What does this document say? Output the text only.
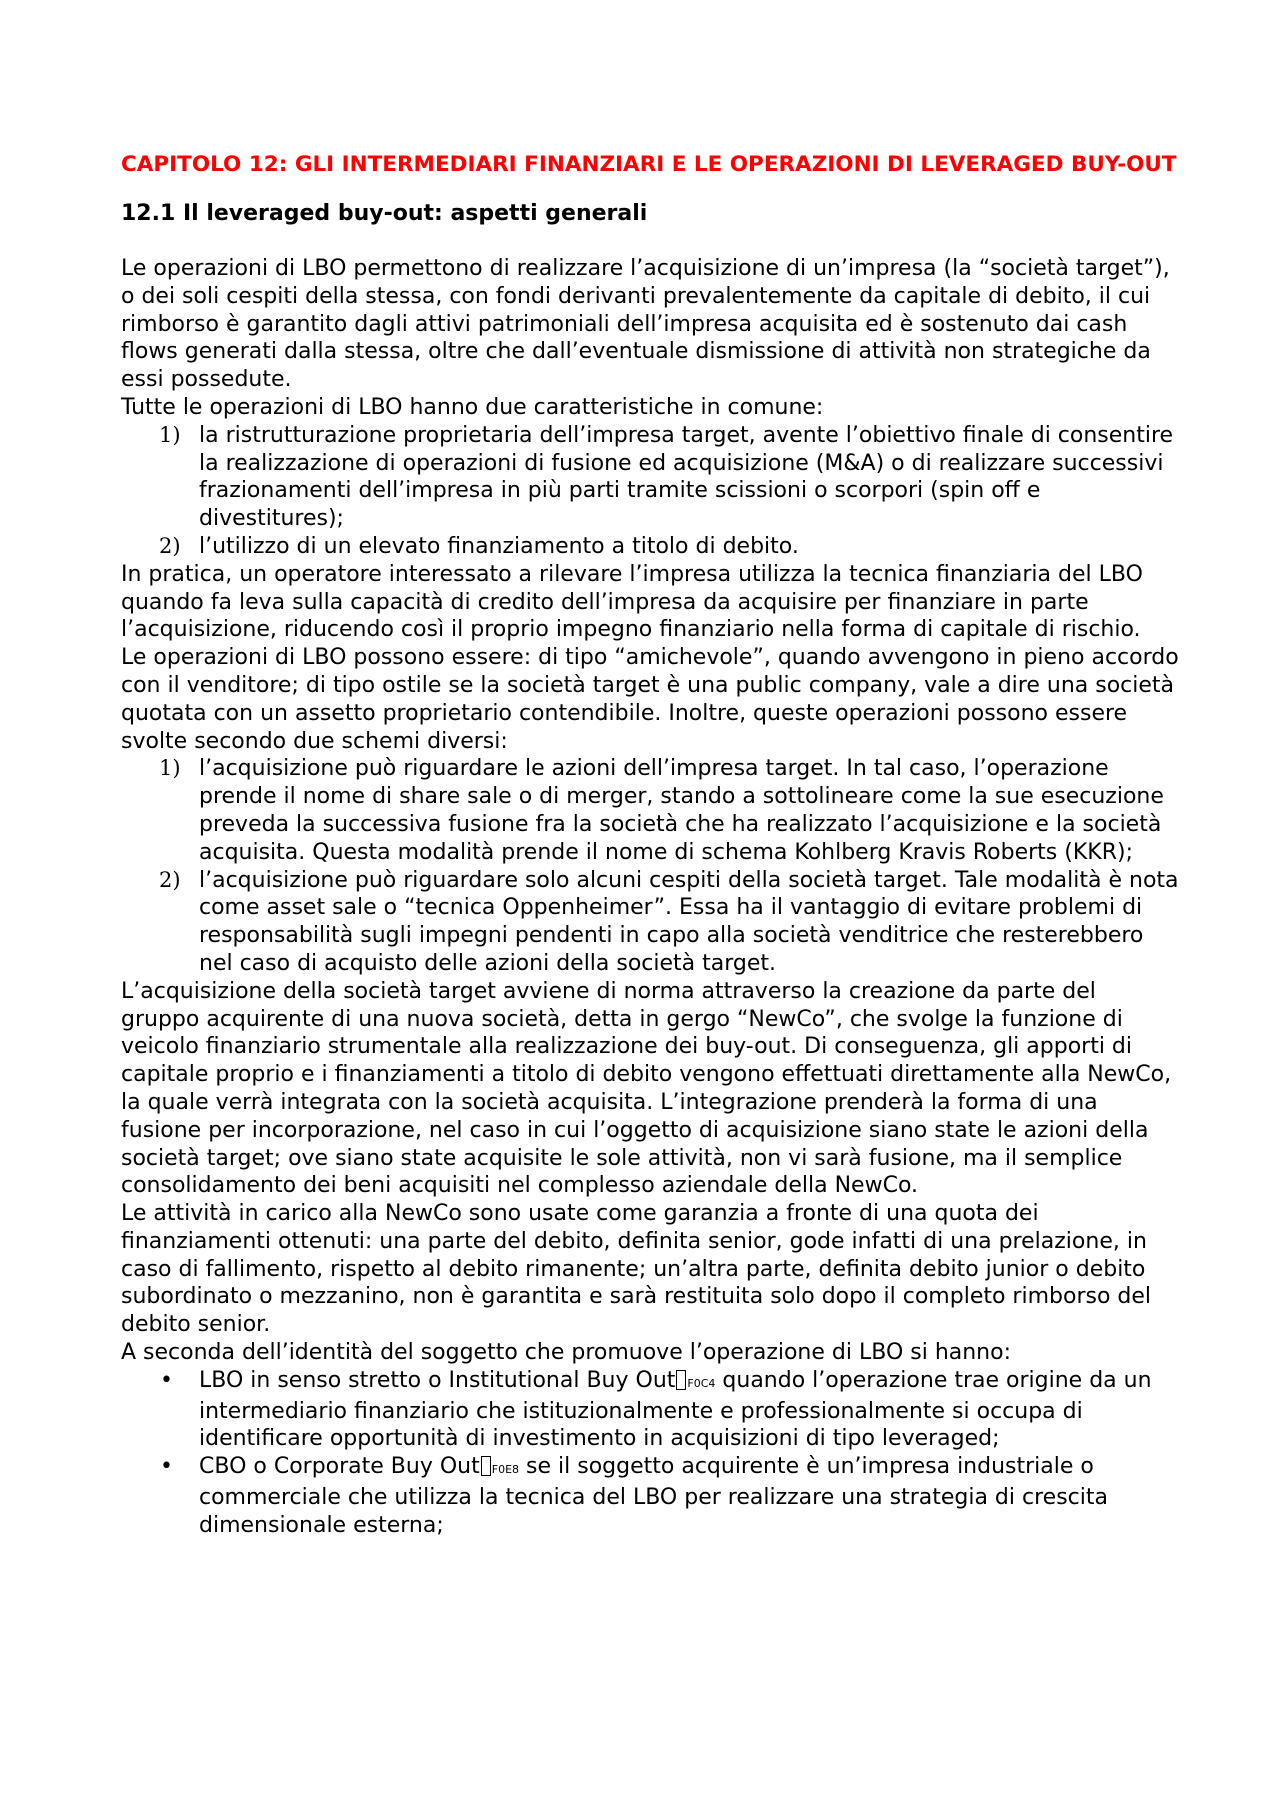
CAPITOLO 12: GLI INTERMEDIARI FINANZIARI E LE OPERAZIONI DI LEVERAGED BUY-OUT
12.1 Il leveraged buy-out: aspetti generali

Le operazioni di LBO permettono di realizzare l’acquisizione di un’impresa (la “società target”), o dei soli cespiti della stessa, con fondi derivanti prevalentemente da capitale di debito, il cui rimborso è garantito dagli attivi patrimoniali dell’impresa acquisita ed è sostenuto dai cash flows generati dalla stessa, oltre che dall’eventuale dismissione di attività non strategiche da essi possedute.

Tutte le operazioni di LBO hanno due caratteristiche in comune:

1) la ristrutturazione proprietaria dell’impresa target, avente l’obiettivo finale di consentire la realizzazione di operazioni di fusione ed acquisizione (M&A) o di realizzare successivi frazionamenti dell’impresa in più parti tramite scissioni o scorpori (spin off e divestitures);
2) l’utilizzo di un elevato finanziamento a titolo di debito.

In pratica, un operatore interessato a rilevare l’impresa utilizza la tecnica finanziaria del LBO quando fa leva sulla capacità di credito dell’impresa da acquisire per finanziare in parte l’acquisizione, riducendo così il proprio impegno finanziario nella forma di capitale di rischio.

Le operazioni di LBO possono essere: di tipo “amichevole”, quando avvengono in pieno accordo con il venditore; di tipo ostile se la società target è una public company, vale a dire una società quotata con un assetto proprietario contendibile. Inoltre, queste operazioni possono essere svolte secondo due schemi diversi:

1) l’acquisizione può riguardare le azioni dell’impresa target. In tal caso, l’operazione prende il nome di share sale o di merger, stando a sottolineare come la sue esecuzione preveda la successiva fusione fra la società che ha realizzato l’acquisizione e la società acquisita. Questa modalità prende il nome di schema Kohlberg Kravis Roberts (KKR);
2) l’acquisizione può riguardare solo alcuni cespiti della società target. Tale modalità è nota come asset sale o “tecnica Oppenheimer”. Essa ha il vantaggio di evitare problemi di responsabilità sugli impegni pendenti in capo alla società venditrice che resterebbero nel caso di acquisto delle azioni della società target.

L’acquisizione della società target avviene di norma attraverso la creazione da parte del gruppo acquirente di una nuova società, detta in gergo “NewCo”, che svolge la funzione di veicolo finanziario strumentale alla realizzazione dei buy-out. Di conseguenza, gli apporti di capitale proprio e i finanziamenti a titolo di debito vengono effettuati direttamente alla NewCo, la quale verrà integrata con la società acquisita. L’integrazione prenderà la forma di una fusione per incorporazione, nel caso in cui l’oggetto di acquisizione siano state le azioni della società target; ove siano state acquisite le sole attività, non vi sarà fusione, ma il semplice consolidamento dei beni acquisiti nel complesso aziendale della NewCo.

Le attività in carico alla NewCo sono usate come garanzia a fronte di una quota dei finanziamenti ottenuti: una parte del debito, definita senior, gode infatti di una prelazione, in caso di fallimento, rispetto al debito rimanente; un’altra parte, definita debito junior o debito subordinato o mezzanino, non è garantita e sarà restituita solo dopo il completo rimborso del debito senior.

A seconda dell’identità del soggetto che promuove l’operazione di LBO si hanno:

•	LBO in senso stretto o Institutional Buy Out F0C4 quando l’operazione trae origine da un intermediario finanziario che istituzionalmente e professionalmente si occupa di identificare opportunità di investimento in acquisizioni di tipo leveraged;
•	CBO o Corporate Buy Out F0E8 se il soggetto acquirente è un’impresa industriale o commerciale che utilizza la tecnica del LBO per realizzare una strategia di crescita dimensionale esterna;
